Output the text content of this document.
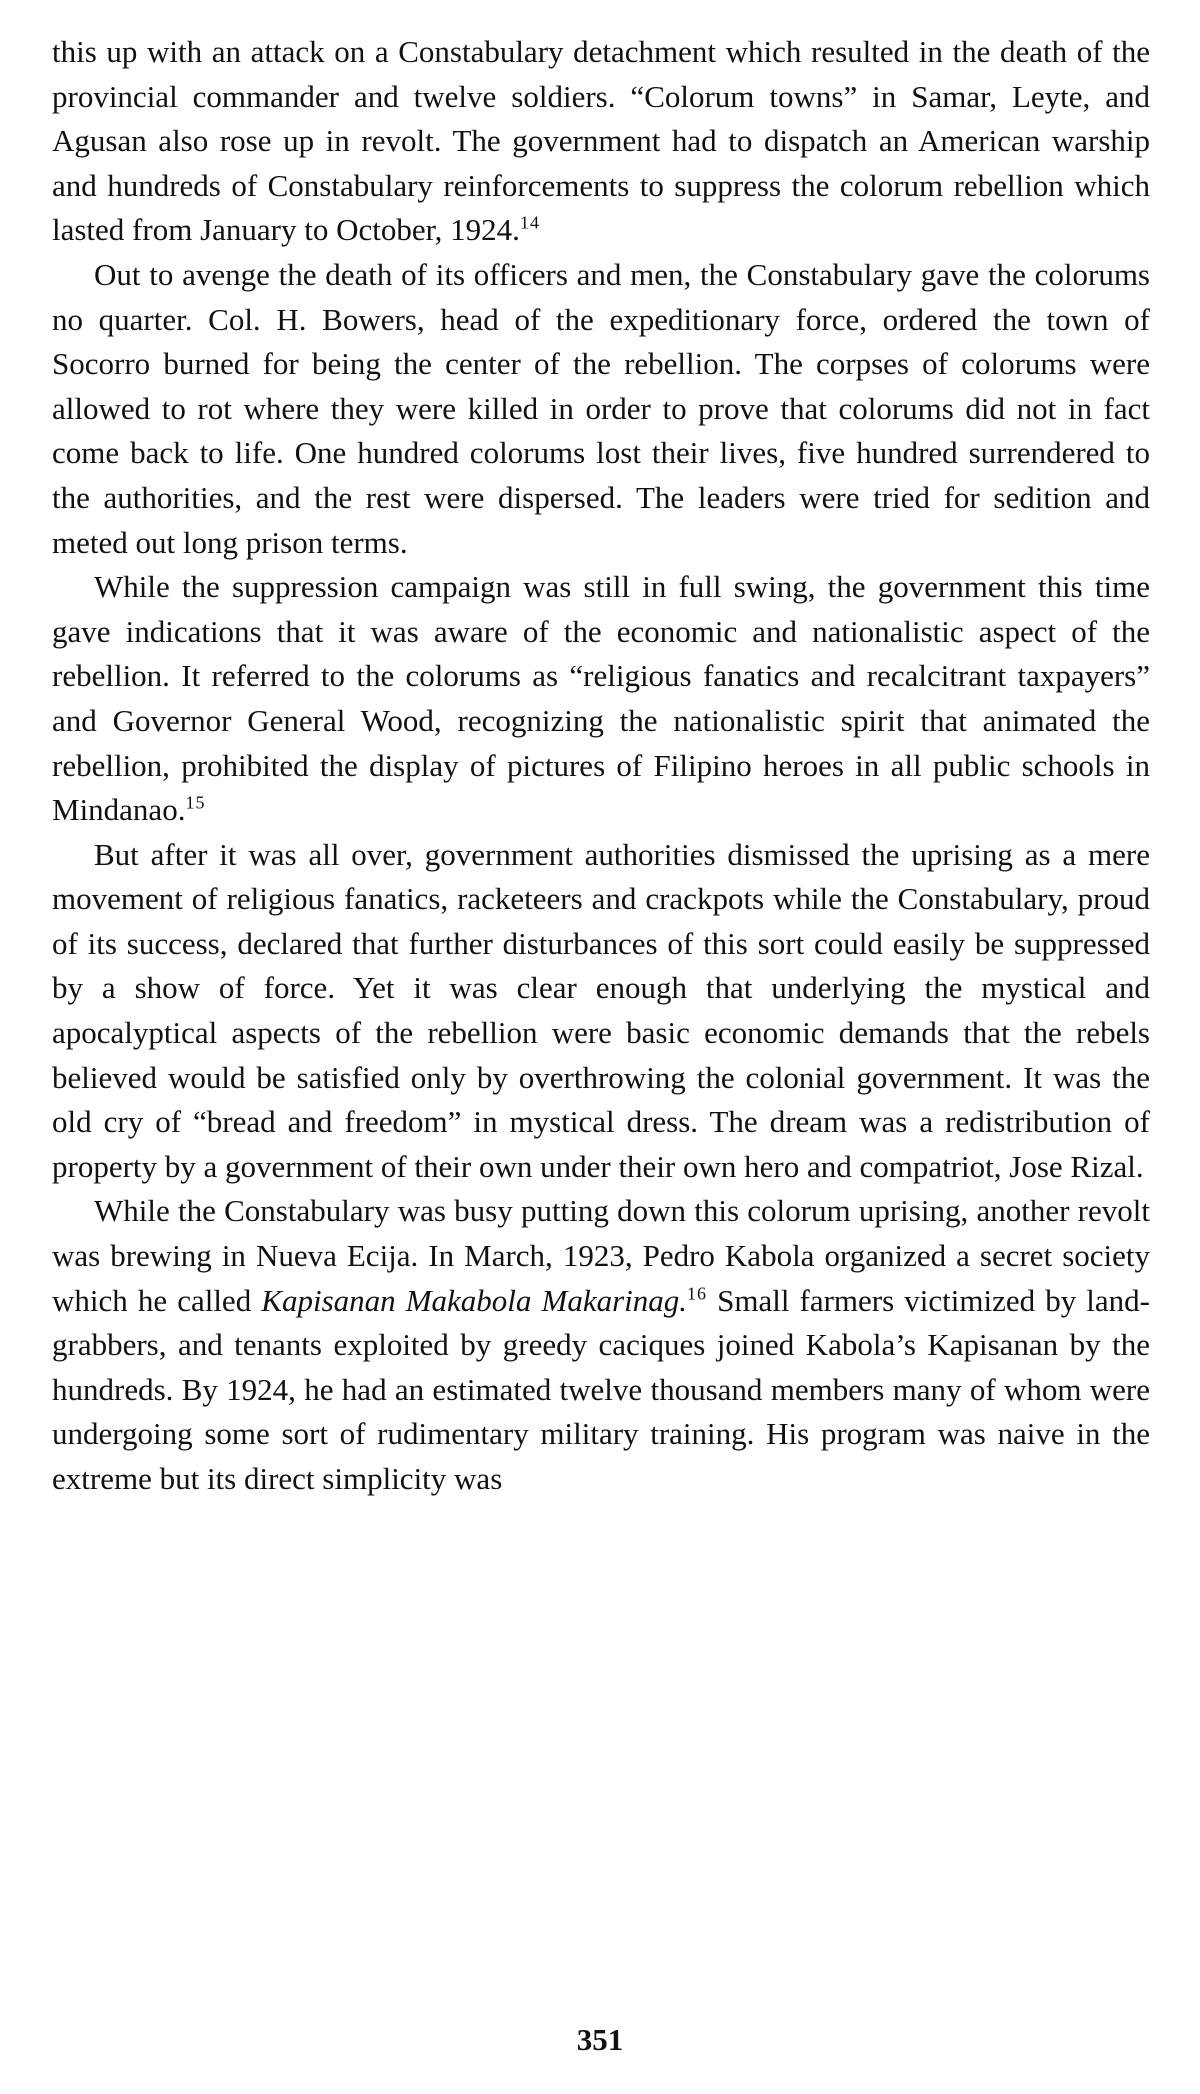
this up with an attack on a Constabulary detachment which resulted in the death of the provincial commander and twelve soldiers. “Colorum towns” in Samar, Leyte, and Agusan also rose up in revolt. The government had to dispatch an American warship and hundreds of Constabulary reinforcements to suppress the colorum rebellion which lasted from January to October, 1924.14

Out to avenge the death of its officers and men, the Constabulary gave the colorums no quarter. Col. H. Bowers, head of the expeditionary force, ordered the town of Socorro burned for being the center of the rebellion. The corpses of colorums were allowed to rot where they were killed in order to prove that colorums did not in fact come back to life. One hundred colorums lost their lives, five hundred surrendered to the authorities, and the rest were dispersed. The leaders were tried for sedition and meted out long prison terms.

While the suppression campaign was still in full swing, the government this time gave indications that it was aware of the economic and nationalistic aspect of the rebellion. It referred to the colorums as “religious fanatics and recalcitrant taxpayers” and Governor General Wood, recognizing the nationalistic spirit that animated the rebellion, prohibited the display of pictures of Filipino heroes in all public schools in Mindanao.$^{15}$

But after it was all over, government authorities dismissed the uprising as a mere movement of religious fanatics, racketeers and crackpots while the Constabulary, proud of its success, declared that further disturbances of this sort could easily be suppressed by a show of force. Yet it was clear enough that underlying the mystical and apocalyptical aspects of the rebellion were basic economic demands that the rebels believed would be satisfied only by overthrowing the colonial government. It was the old cry of “bread and freedom” in mystical dress. The dream was a redistribution of property by a government of their own under their own hero and compatriot, Jose Rizal.

While the Constabulary was busy putting down this colorum uprising, another revolt was brewing in Nueva Ecija. In March, 1923, Pedro Kabola organized a secret society which he called Kapisanan Makabola Makarinag.$^{16}$ Small farmers victimized by land-grabbers, and tenants exploited by greedy caciques joined Kabola’s Kapisanan by the hundreds. By 1924, he had an estimated twelve thousand members many of whom were undergoing some sort of rudimentary military training. His program was naive in the extreme but its direct simplicity was

351
